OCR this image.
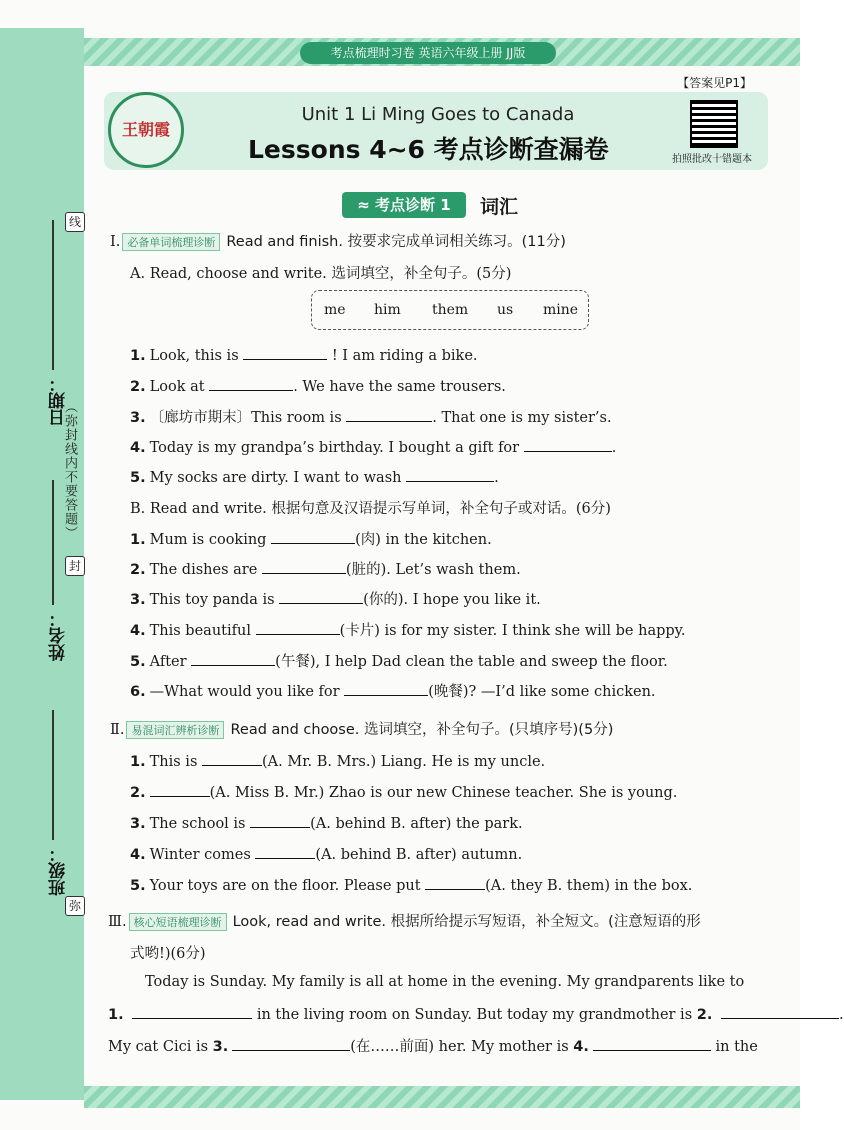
日期：
姓名：
班级：
（弥封线内不要答题）
线
封
弥
考点梳理时习卷 英语六年级上册 JJ版
【答案见P1】
王朝霞
Unit 1 Li Ming Goes to Canada
Lessons 4~6 考点诊断查漏卷	拍照批改十错题本
≈ 考点诊断 1	词汇
Ⅰ. 必备单词梳理诊断 Read and finish. 按要求完成单词相关练习。(11分)
A. Read, choose and write. 选词填空，补全句子。(5分)
me him them us mine
1. Look, this is	! I am riding a bike.
2. Look at	. We have the same trousers.
3. 〔廊坊市期末〕This room is	. That one is my sister’s.
4. Today is my grandpa’s birthday. I bought a gift for	.
5. My socks are dirty. I want to wash	.
B. Read and write. 根据句意及汉语提示写单词，补全句子或对话。(6分)
1. Mum is cooking	(肉) in the kitchen.
2. The dishes are	(脏的). Let’s wash them.
3. This toy panda is	(你的). I hope you like it.
4. This beautiful	(卡片) is for my sister. I think she will be happy.
5. After	(午餐), I help Dad clean the table and sweep the floor.
6. —What would you like for	(晚餐)? —I’d like some chicken.
Ⅱ. 易混词汇辨析诊断 Read and choose. 选词填空，补全句子。(只填序号)(5分)
1. This is	(A. Mr. B. Mrs.) Liang. He is my uncle.
2.	(A. Miss B. Mr.) Zhao is our new Chinese teacher. She is young.
3. The school is	(A. behind B. after) the park.
4. Winter comes	(A. behind B. after) autumn.
5. Your toys are on the floor. Please put	(A. they B. them) in the box.
Ⅲ. 核心短语梳理诊断 Look, read and write. 根据所给提示写短语，补全短文。(注意短语的形
式哟!)(6分)
Today is Sunday. My family is all at home in the evening. My grandparents like to
1.	in the living room on Sunday. But today my grandmother is 2.	.
My cat Cici is 3.	(在……前面) her. My mother is 4.	in the
